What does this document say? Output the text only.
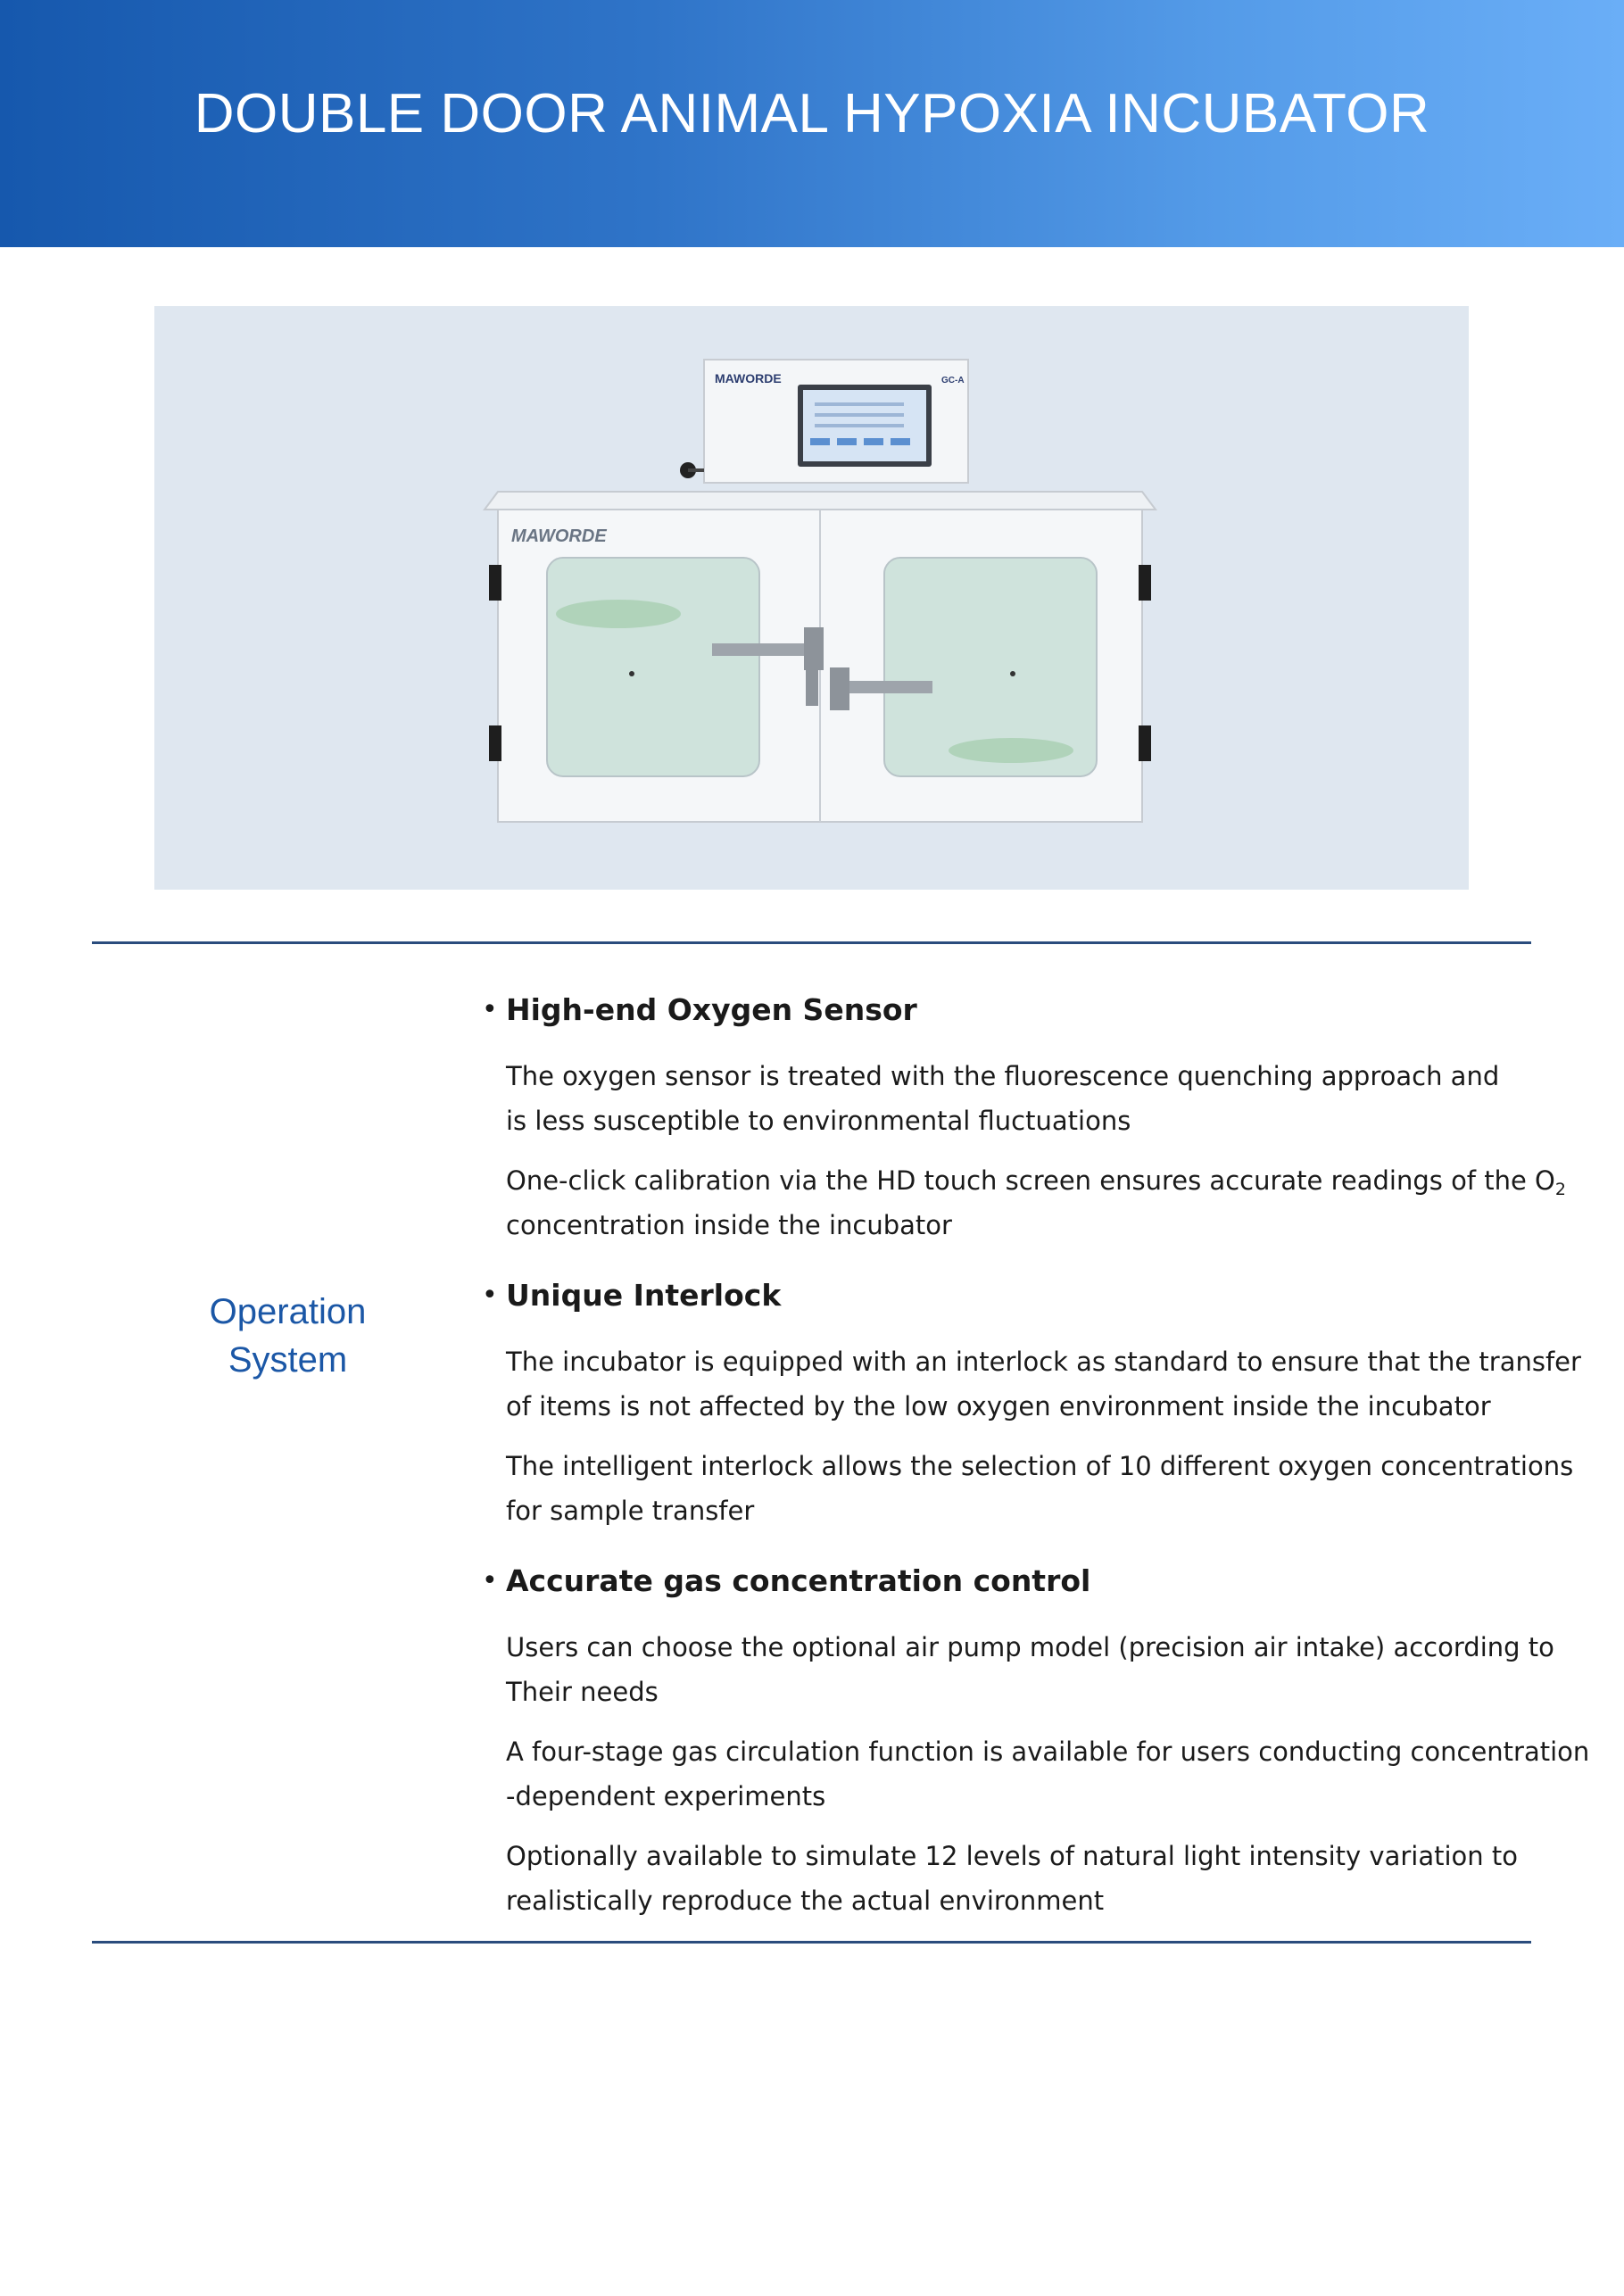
DOUBLE DOOR ANIMAL HYPOXIA INCUBATOR
MAWORDE	GC-A
MAWORDE
Operation
System
• High-end Oxygen Sensor
The oxygen sensor is treated with the fluorescence quenching approach and
is less susceptible to environmental fluctuations
One-click calibration via the HD touch screen ensures accurate readings of the $O_2$
concentration inside the incubator
• Unique Interlock
The incubator is equipped with an interlock as standard to ensure that the transfer
of items is not affected by the low oxygen environment inside the incubator
The intelligent interlock allows the selection of 10 different oxygen concentrations
for sample transfer
• Accurate gas concentration control
Users can choose the optional air pump model (precision air intake) according to
Their needs
A four-stage gas circulation function is available for users conducting concentration
-dependent experiments
Optionally available to simulate 12 levels of natural light intensity variation to
realistically reproduce the actual environment
